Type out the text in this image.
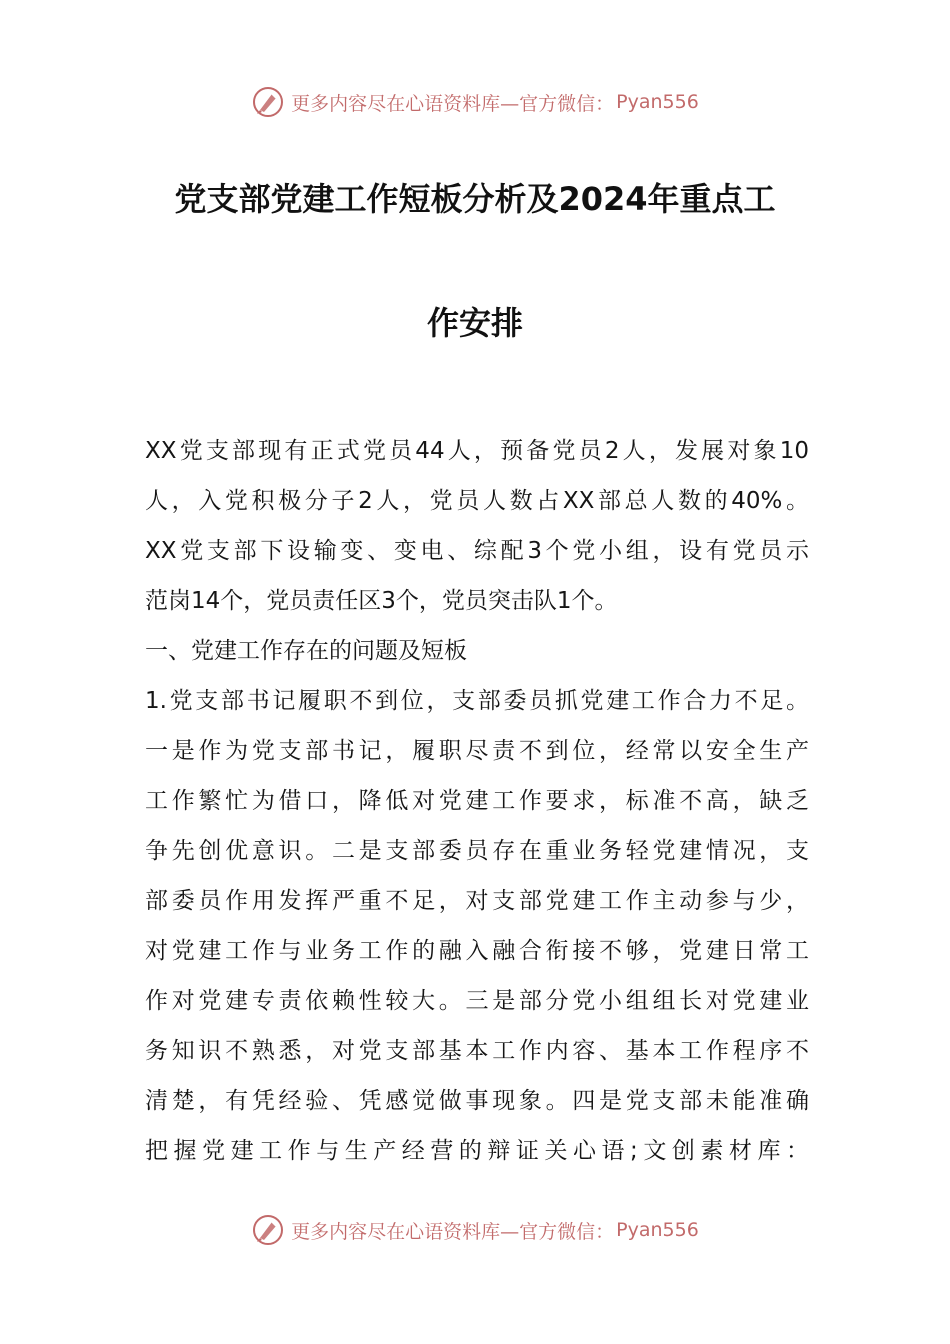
更多内容尽在心语资料库—官方微信： Pyan556
党支部党建工作短板分析及2024年重点工
作安排
XX党支部现有正式党员44人，预备党员2人，发展对象10
人，入党积极分子2人，党员人数占XX部总人数的40%。
XX党支部下设输变、变电、综配3个党小组，设有党员示
范岗14个，党员责任区3个，党员突击队1个。
一、党建工作存在的问题及短板
1.党支部书记履职不到位，支部委员抓党建工作合力不足。
一是作为党支部书记，履职尽责不到位，经常以安全生产
工作繁忙为借口，降低对党建工作要求，标准不高，缺乏
争先创优意识。二是支部委员存在重业务轻党建情况，支
部委员作用发挥严重不足，对支部党建工作主动参与少，
对党建工作与业务工作的融入融合衔接不够，党建日常工
作对党建专责依赖性较大。三是部分党小组组长对党建业
务知识不熟悉，对党支部基本工作内容、基本工作程序不
清楚，有凭经验、凭感觉做事现象。四是党支部未能准确
把握党建工作与生产经营的辩证关心语;文创素材库：
更多内容尽在心语资料库—官方微信： Pyan556
